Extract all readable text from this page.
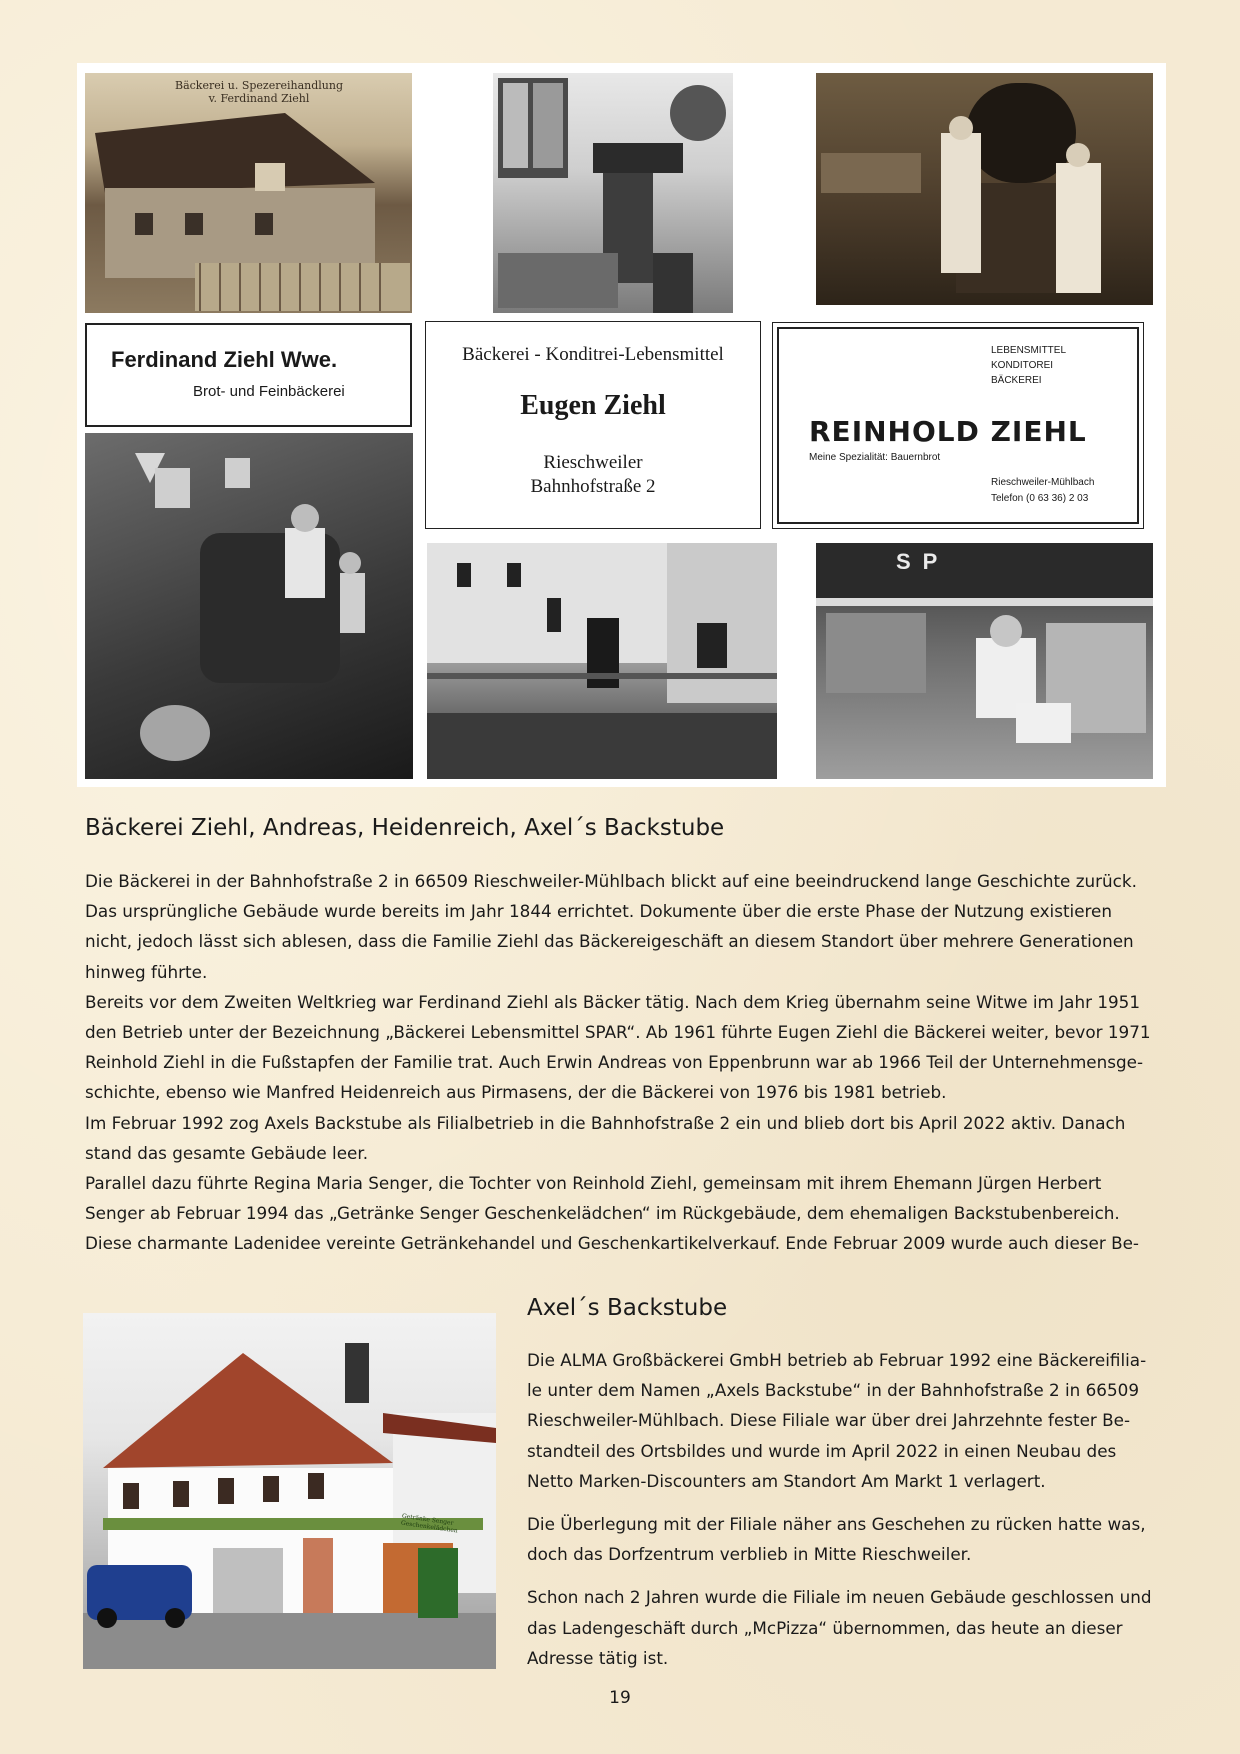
Bäckerei u. Spezereihandlung
v. Ferdinand Ziehl
Ferdinand Ziehl Wwe.
Brot- und Feinbäckerei
Bäckerei - Konditrei-Lebensmittel
Eugen Ziehl
Rieschweiler
Bahnhofstraße 2
LEBENSMITTEL
KONDITOREI
BÄCKEREI
REINHOLD ZIEHL
Meine Spezialität: Bauernbrot
Rieschweiler-Mühlbach
Telefon (0 63 36) 2 03
SP
Bäckerei Ziehl, Andreas, Heidenreich, Axel´s Backstube

Die Bäckerei in der Bahnhofstraße 2 in 66509 Rieschweiler-Mühlbach blickt auf eine beeindruckend lange Geschichte zurück.

Das ursprüngliche Gebäude wurde bereits im Jahr 1844 errichtet. Dokumente über die erste Phase der Nutzung existieren

nicht, jedoch lässt sich ablesen, dass die Familie Ziehl das Bäckereigeschäft an diesem Standort über mehrere Generationen

hinweg führte.

Bereits vor dem Zweiten Weltkrieg war Ferdinand Ziehl als Bäcker tätig. Nach dem Krieg übernahm seine Witwe im Jahr 1951

den Betrieb unter der Bezeichnung „Bäckerei Lebensmittel SPAR“. Ab 1961 führte Eugen Ziehl die Bäckerei weiter, bevor 1971

Reinhold Ziehl in die Fußstapfen der Familie trat. Auch Erwin Andreas von Eppenbrunn war ab 1966 Teil der Unternehmensge-

schichte, ebenso wie Manfred Heidenreich aus Pirmasens, der die Bäckerei von 1976 bis 1981 betrieb.

Im Februar 1992 zog Axels Backstube als Filialbetrieb in die Bahnhofstraße 2 ein und blieb dort bis April 2022 aktiv. Danach

stand das gesamte Gebäude leer.

Parallel dazu führte Regina Maria Senger, die Tochter von Reinhold Ziehl, gemeinsam mit ihrem Ehemann Jürgen Herbert

Senger ab Februar 1994 das „Getränke Senger Geschenkelädchen“ im Rückgebäude, dem ehemaligen Backstubenbereich.

Diese charmante Ladenidee vereinte Getränkehandel und Geschenkartikelverkauf. Ende Februar 2009 wurde auch dieser Be-

Getränke Senger Geschenkelädchen
Axel´s Backstube

Die ALMA Großbäckerei GmbH betrieb ab Februar 1992 eine Bäckereifilia-
le unter dem Namen „Axels Backstube“ in der Bahnhofstraße 2 in 66509
Rieschweiler-Mühlbach. Diese Filiale war über drei Jahrzehnte fester Be-
standteil des Ortsbildes und wurde im April 2022 in einen Neubau des
Netto Marken-Discounters am Standort Am Markt 1 verlagert.

Die Überlegung mit der Filiale näher ans Geschehen zu rücken hatte was,
doch das Dorfzentrum verblieb in Mitte Rieschweiler.

Schon nach 2 Jahren wurde die Filiale im neuen Gebäude geschlossen und
das Ladengeschäft durch „McPizza“ übernommen, das heute an dieser
Adresse tätig ist.

19
